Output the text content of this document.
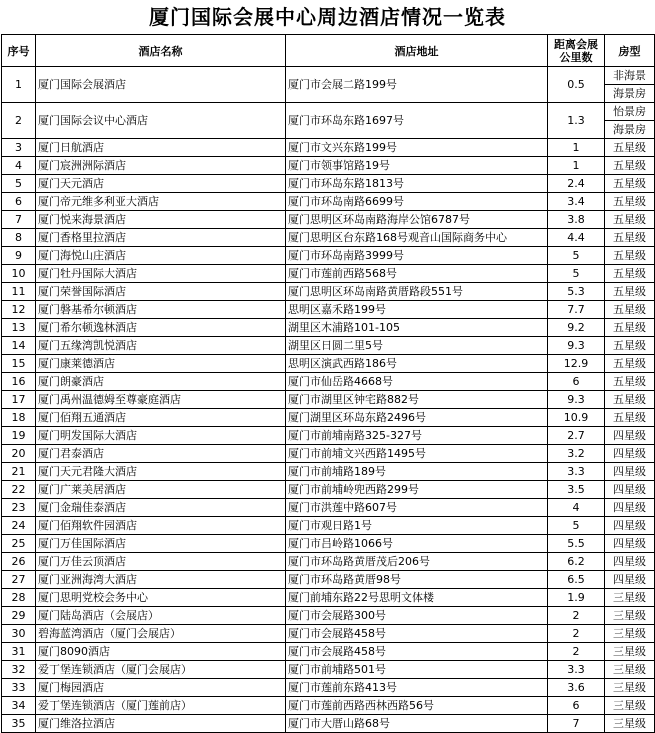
厦门国际会展中心周边酒店情况一览表
序号	酒店名称	酒店地址	距离会展公里数	房型
1	厦门国际会展酒店	厦门市会展二路199号	0.5	非海景
海景房

2	厦门国际会议中心酒店	厦门市环岛东路1697号	1.3	怡景房
海景房

3	厦门日航酒店	厦门市文兴东路199号	1	五星级
4	厦门宸洲洲际酒店	厦门市领事馆路19号	1	五星级
5	厦门天元酒店	厦门市环岛东路1813号	2.4	五星级
6	厦门帝元维多利亚大酒店	厦门市环岛南路6699号	3.4	五星级
7	厦门悦来海景酒店	厦门思明区环岛南路海岸公馆6787号	3.8	五星级
8	厦门香格里拉酒店	厦门思明区台东路168号观音山国际商务中心	4.4	五星级
9	厦门海悦山庄酒店	厦门市环岛南路3999号	5	五星级
10	厦门牡丹国际大酒店	厦门市莲前西路568号	5	五星级
11	厦门荣誉国际酒店	厦门思明区环岛南路黄厝路段551号	5.3	五星级
12	厦门磐基希尔顿酒店	思明区嘉禾路199号	7.7	五星级
13	厦门希尔顿逸林酒店	湖里区木浦路101-105	9.2	五星级
14	厦门五缘湾凯悦酒店	湖里区日圆二里5号	9.3	五星级
15	厦门康莱德酒店	思明区演武西路186号	12.9	五星级
16	厦门朗豪酒店	厦门市仙岳路4668号	6	五星级
17	厦门禹州温德姆至尊豪庭酒店	厦门市湖里区钟宅路882号	9.3	五星级
18	厦门佰翔五通酒店	厦门湖里区环岛东路2496号	10.9	五星级
19	厦门明发国际大酒店	厦门市前埔南路325-327号	2.7	四星级
20	厦门君泰酒店	厦门市前埔文兴西路1495号	3.2	四星级
21	厦门天元君隆大酒店	厦门市前埔路189号	3.3	四星级
22	厦门广莱美居酒店	厦门市前埔岭兜西路299号	3.5	四星级
23	厦门金瑞佳泰酒店	厦门市洪莲中路607号	4	四星级
24	厦门佰翔软件园酒店	厦门市观日路1号	5	四星级
25	厦门万佳国际酒店	厦门市吕岭路1066号	5.5	四星级
26	厦门万佳云顶酒店	厦门市环岛路黄厝茂后206号	6.2	四星级
27	厦门亚洲海湾大酒店	厦门市环岛路黄厝98号	6.5	四星级
28	厦门思明党校会务中心	厦门前埔东路22号思明文体楼	1.9	三星级
29	厦门陆岛酒店（会展店）	厦门市会展路300号	2	三星级
30	碧海蓝湾酒店（厦门会展店）	厦门市会展路458号	2	三星级
31	厦门8090酒店	厦门市会展路458号	2	三星级
32	爱丁堡连锁酒店（厦门会展店）	厦门市前埔路501号	3.3	三星级
33	厦门梅园酒店	厦门市莲前东路413号	3.6	三星级
34	爱丁堡连锁酒店（厦门莲前店）	厦门市莲前西路西林西路56号	6	三星级
35	厦门维洛拉酒店	厦门市大厝山路68号	7	三星级
